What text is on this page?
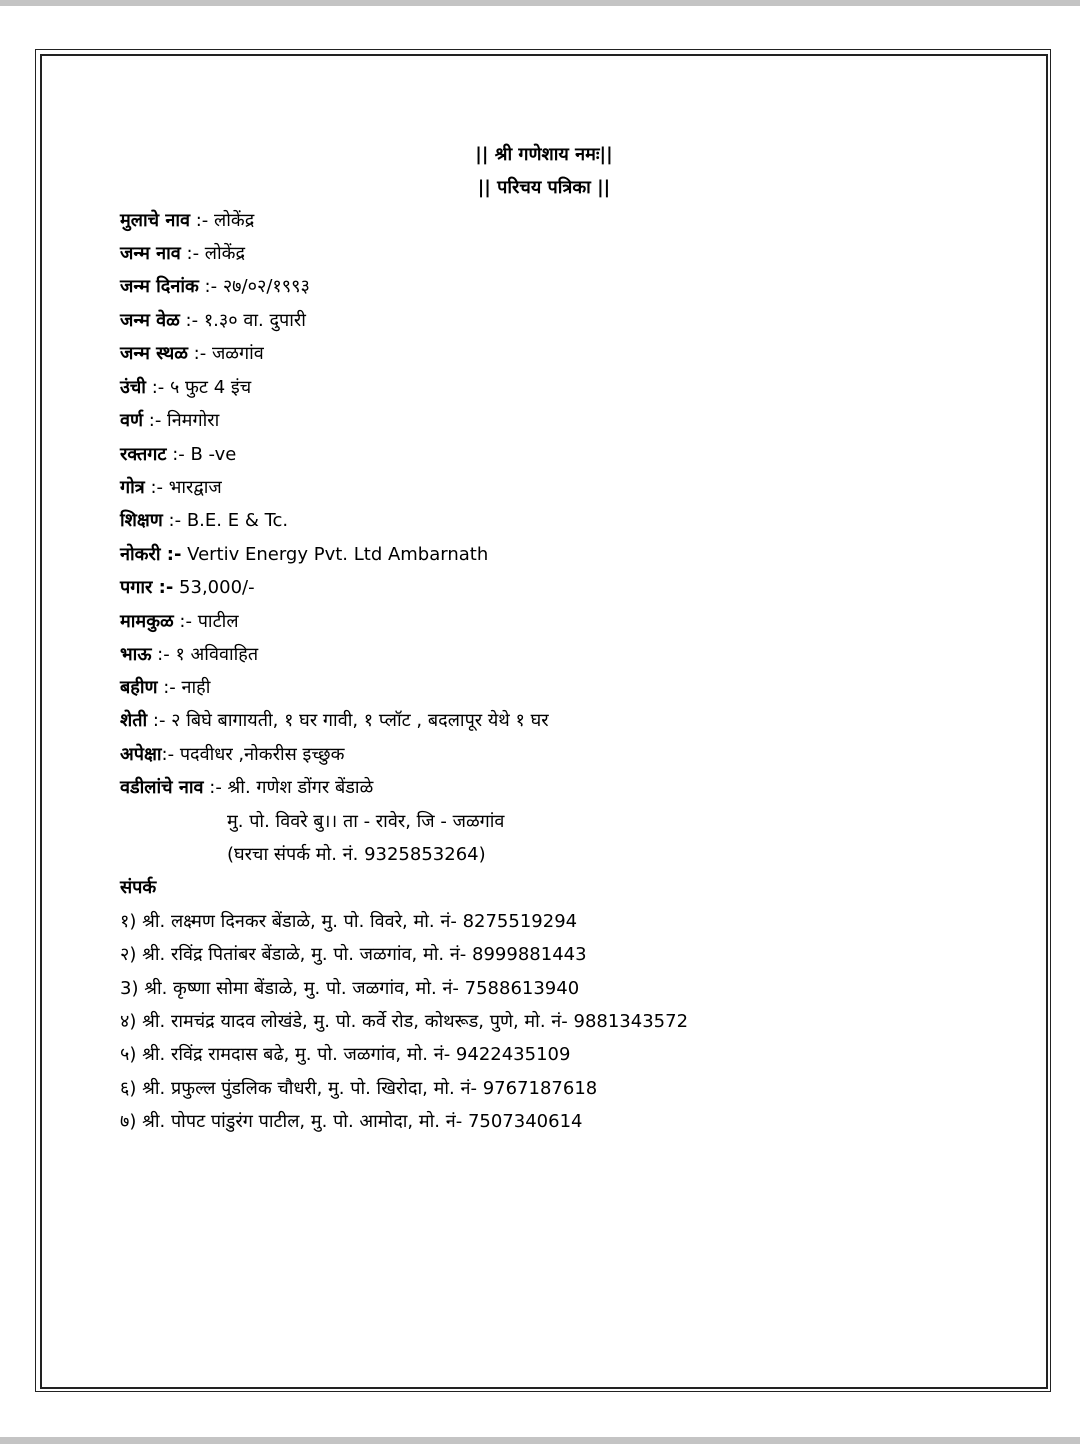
|| श्री गणेशाय नमः||
|| परिचय पत्रिका ||
मुलाचे नाव :- लोकेंद्र
जन्म नाव :- लोकेंद्र
जन्म दिनांक :- २७/०२/१९९३
जन्म वेळ :- १.३० वा. दुपारी
जन्म स्थळ :- जळगांव
उंची :- ५ फुट 4 इंच
वर्ण :- निमगोरा
रक्तगट :- B -ve
गोत्र :- भारद्वाज
शिक्षण :- B.E. E & Tc.
नोकरी :- Vertiv Energy Pvt. Ltd Ambarnath
पगार :- 53,000/-
मामकुळ :- पाटील
भाऊ :- १ अविवाहित
बहीण :- नाही
शेती :- २ बिघे बागायती, १ घर गावी, १ प्लॉट , बदलापूर येथे १ घर
अपेक्षा:- पदवीधर ,नोकरीस इच्छुक
वडीलांचे नाव :- श्री. गणेश डोंगर बेंडाळे
मु. पो. विवरे बु।। ता - रावेर, जि - जळगांव
(घरचा संपर्क मो. नं. 9325853264)
संपर्क
१) श्री. लक्ष्मण दिनकर बेंडाळे, मु. पो. विवरे, मो. नं- 8275519294
२) श्री. रविंद्र पितांबर बेंडाळे, मु. पो. जळगांव, मो. नं- 8999881443
3) श्री. कृष्णा सोमा बेंडाळे, मु. पो. जळगांव, मो. नं- 7588613940
४) श्री. रामचंद्र यादव लोखंडे, मु. पो. कर्वे रोड, कोथरूड, पुणे, मो. नं- 9881343572
५) श्री. रविंद्र रामदास बढे, मु. पो. जळगांव, मो. नं- 9422435109
६) श्री. प्रफुल्ल पुंडलिक चौधरी, मु. पो. खिरोदा, मो. नं- 9767187618
७) श्री. पोपट पांडुरंग पाटील, मु. पो. आमोदा, मो. नं- 7507340614
